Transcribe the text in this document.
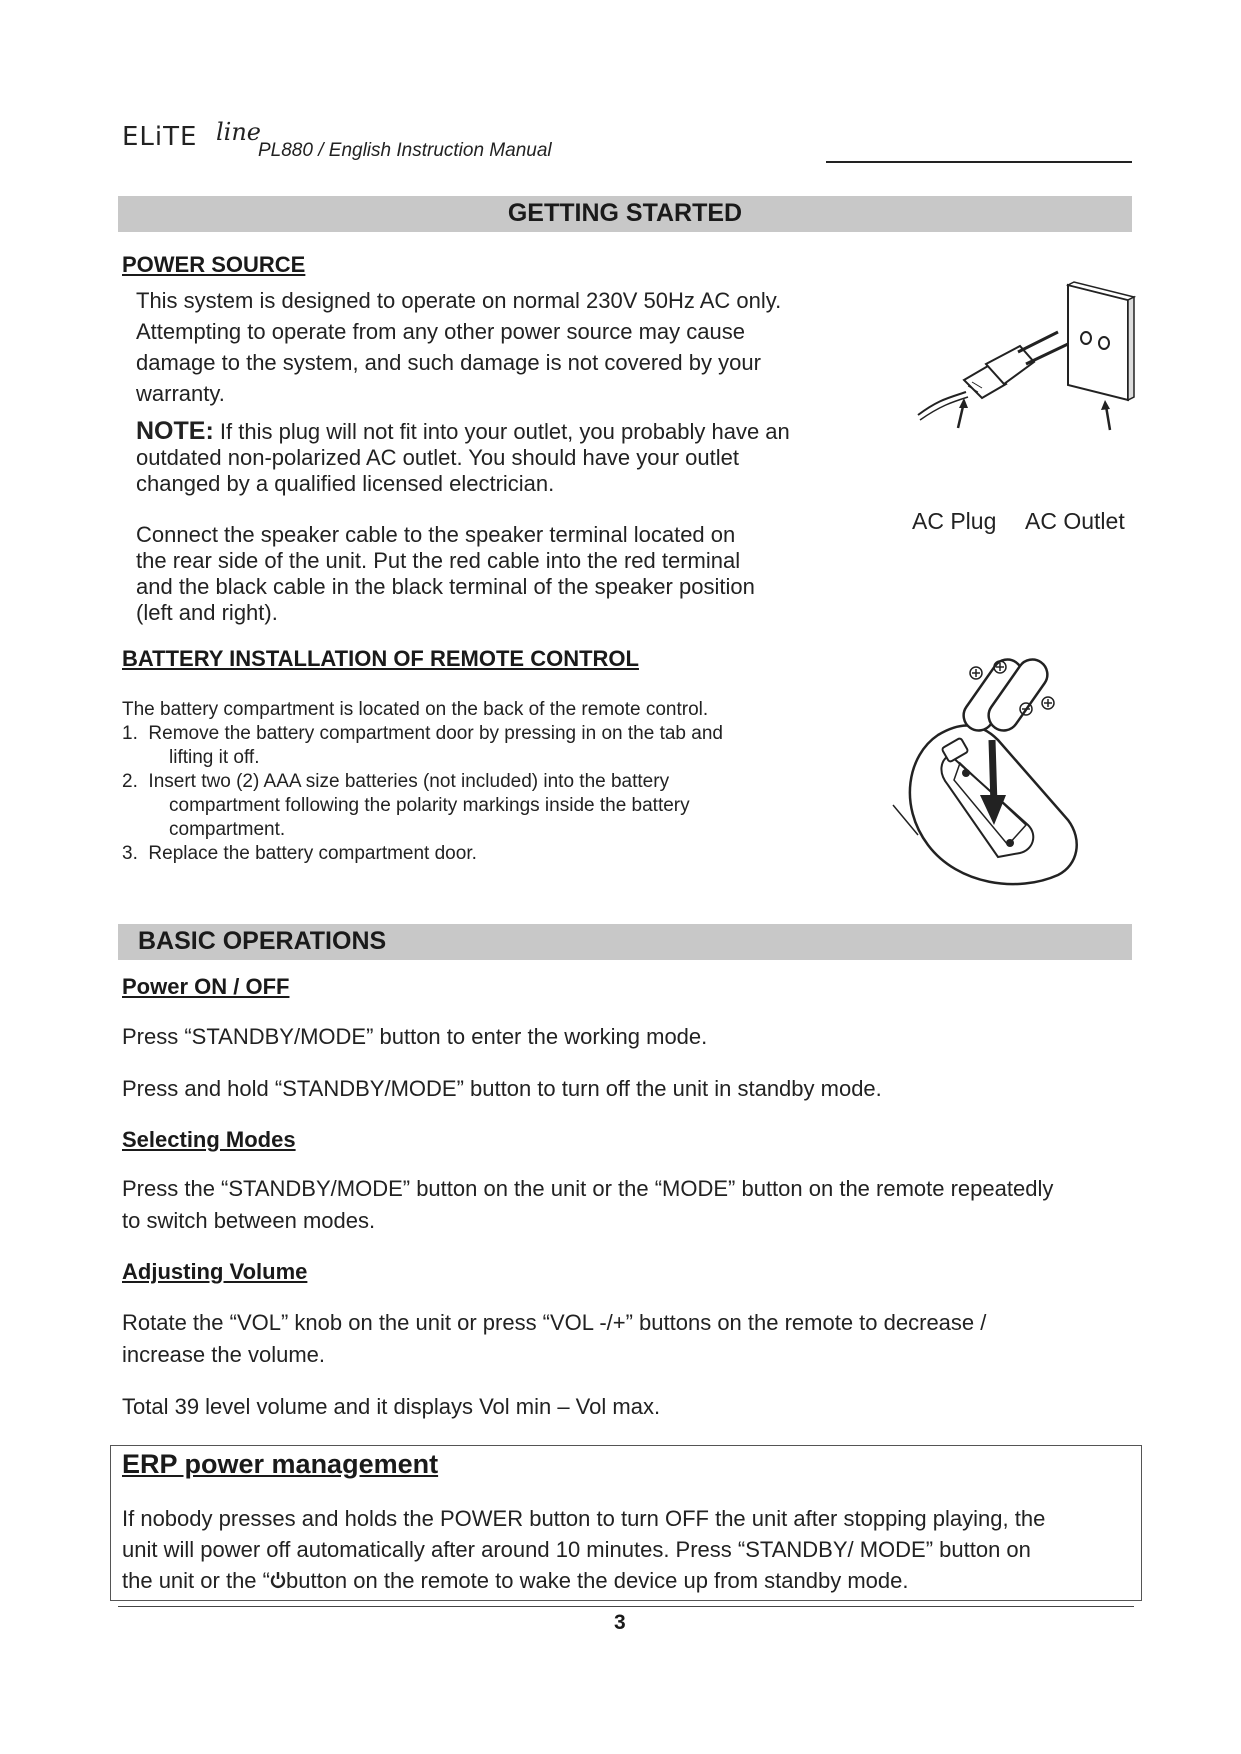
ELiTE line
PL880 / English Instruction Manual
GETTING STARTED
POWER SOURCE
This system is designed to operate on normal 230V 50Hz AC only.
Attempting to operate from any other power source may cause
damage to the system, and such damage is not covered by your
warranty.
NOTE: If this plug will not fit into your outlet, you probably have an
outdated non-polarized AC outlet. You should have your outlet
changed by a qualified licensed electrician.
Connect the speaker cable to the speaker terminal located on
the rear side of the unit. Put the red cable into the red terminal
and the black cable in the black terminal of the speaker position
(left and right).
AC Plug AC Outlet
BATTERY INSTALLATION OF REMOTE CONTROL
The battery compartment is located on the back of the remote control.
1. Remove the battery compartment door by pressing in on the tab and
lifting it off.
2. Insert two (2) AAA size batteries (not included) into the battery
compartment following the polarity markings inside the battery
compartment.
3. Replace the battery compartment door.
BASIC OPERATIONS
Power ON / OFF
Press “STANDBY/MODE” button to enter the working mode.
Press and hold “STANDBY/MODE” button to turn off the unit in standby mode.
Selecting Modes
Press the “STANDBY/MODE” button on the unit or the “MODE” button on the remote repeatedly
to switch between modes.
Adjusting Volume
Rotate the “VOL” knob on the unit or press “VOL -/+” buttons on the remote to decrease /
increase the volume.
Total 39 level volume and it displays Vol min – Vol max.
ERP power management
If nobody presses and holds the POWER button to turn OFF the unit after stopping playing, the
unit will power off automatically after around 10 minutes. Press “STANDBY/ MODE” button on
the unit or the “ button on the remote to wake the device up from standby mode.
3
